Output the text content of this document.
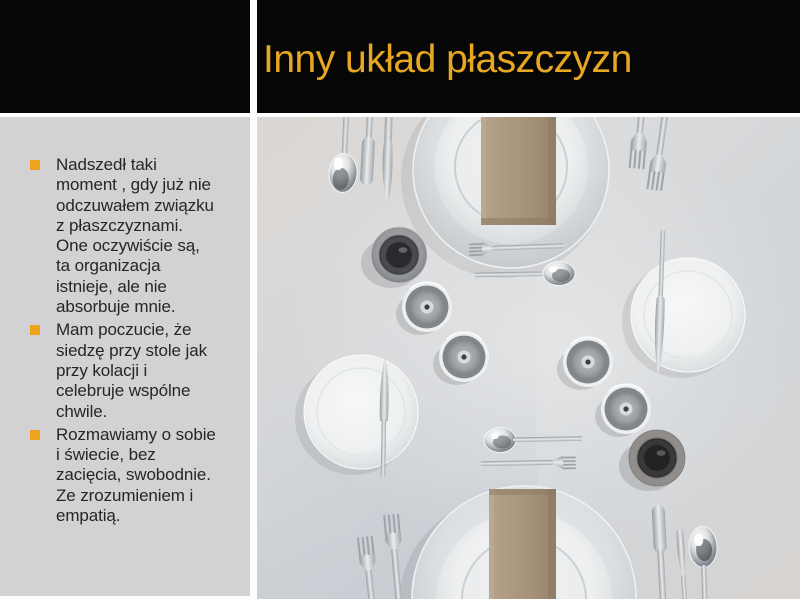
Inny układ płaszczyzn
Nadszedł taki moment , gdy już nie odczuwałem związku z płaszczyznami. One oczywiście są, ta organizacja istnieje, ale nie absorbuje mnie.
Mam poczucie, że siedzę przy stole jak przy kolacji i celebruje wspólne chwile.
Rozmawiamy o sobie i świecie, bez zacięcia, swobodnie. Ze zrozumieniem i empatią.
